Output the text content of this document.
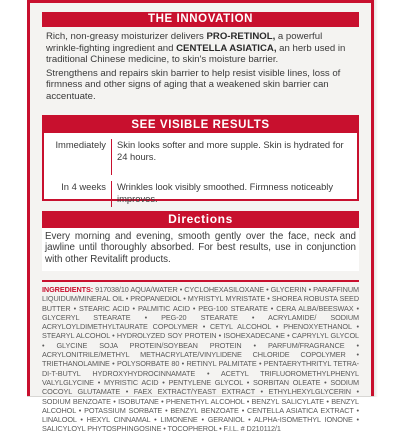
THE INNOVATION

Rich, non-greasy moisturizer delivers PRO-RETINOL, a powerful wrinkle-fighting ingredient and CENTELLA ASIATICA, an herb used in traditional Chinese medicine, to skin's moisture barrier.

Strengthens and repairs skin barrier to help resist visible lines, loss of firmness and other signs of aging that a weakened skin barrier can accentuate.

SEE VISIBLE RESULTS
Immediately Skin looks softer and more supple. Skin is hydrated for 24 hours.
In 4 weeks Wrinkles look visibly smoothed. Firmness noticeably improves.
Directions
Every morning and evening, smooth gently over the face, neck and jawline until thoroughly absorbed. For best results, use in conjunction with other Revitalift products.
INGREDIENTS: 917038/10 AQUA/WATER • CYCLOHEXASILOXANE • GLYCERIN • PARAFFINUM LIQUIDUM/MINERAL OIL • PROPANEDIOL • MYRISTYL MYRISTATE • SHOREA ROBUSTA SEED BUTTER • STEARIC ACID • PALMITIC ACID • PEG-100 STEARATE • CERA ALBA/BEESWAX • GLYCERYL STEARATE • PEG-20 STEARATE • ACRYLAMIDE/ SODIUM ACRYLOYLDIMETHYLTAURATE COPOLYMER • CETYL ALCOHOL • PHENOXYETHANOL • STEARYL ALCOHOL • HYDROLYZED SOY PROTEIN • ISOHEXADECANE • CAPRYLYL GLYCOL • GLYCINE SOJA PROTEIN/SOYBEAN PROTEIN • PARFUM/FRAGRANCE • ACRYLONITRILE/METHYL METHACRYLATE/VINYLIDENE CHLORIDE COPOLYMER • TRIETHANOLAMINE • POLYSORBATE 80 • RETINYL PALMITATE • PENTAERYTHRITYL TETRA-DI-T-BUTYL HYDROXYHYDROCINNAMATE • ACETYL TRIFLUOROMETHYLPHENYL VALYLGLYCINE • MYRISTIC ACID • PENTYLENE GLYCOL • SORBITAN OLEATE • SODIUM COCOYL GLUTAMATE • FAEX EXTRACT/YEAST EXTRACT • ETHYLHEXYLGLYCERIN • SODIUM BENZOATE • ISOBUTANE • PHENETHYL ALCOHOL • BENZYL SALICYLATE • BENZYL ALCOHOL • POTASSIUM SORBATE • BENZYL BENZOATE • CENTELLA ASIATICA EXTRACT • LINALOOL • HEXYL CINNAMAL • LIMONENE • GERANIOL • ALPHA-ISOMETHYL IONONE • SALICYLOYL PHYTOSPHINGOSINE • TOCOPHEROL • F.I.L. # D210112/1
